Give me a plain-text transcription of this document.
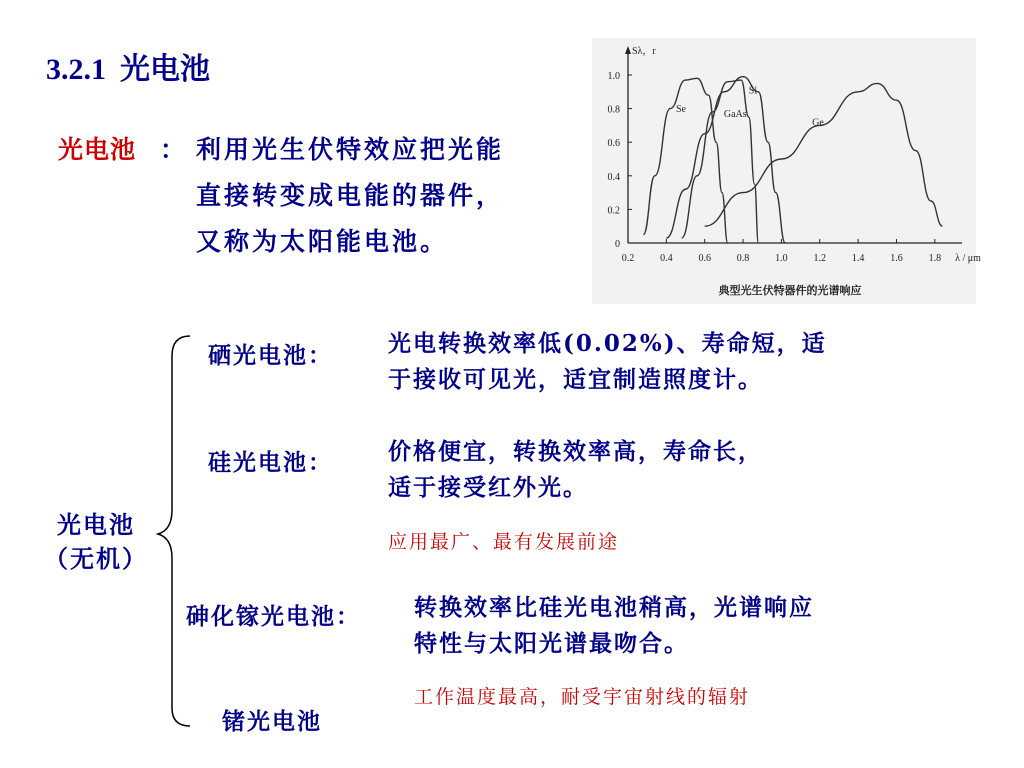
3.2.1 光电池
光电池 ： 利用光生伏特效应把光能
直接转变成电能的器件，
又称为太阳能电池。	0
0.2
0.4
0.6
0.8
1.0
0.2	0.4	0.6	0.8	1.0	1.2	1.4	1.6	1.8
Sλ，r
λ / μm
典型光生伏特器件的光谱响应
Se	GaAs
Si
Ge
光电池
（无机）
硒光电池： 光电转换效率低(0.02%)、寿命短，适
于接收可见光，适宜制造照度计。
硅光电池： 价格便宜，转换效率高，寿命长，
适于接受红外光。
应用最广、最有发展前途
砷化镓光电池： 转换效率比硅光电池稍高，光谱响应
特性与太阳光谱最吻合。
工作温度最高，耐受宇宙射线的辐射
锗光电池
